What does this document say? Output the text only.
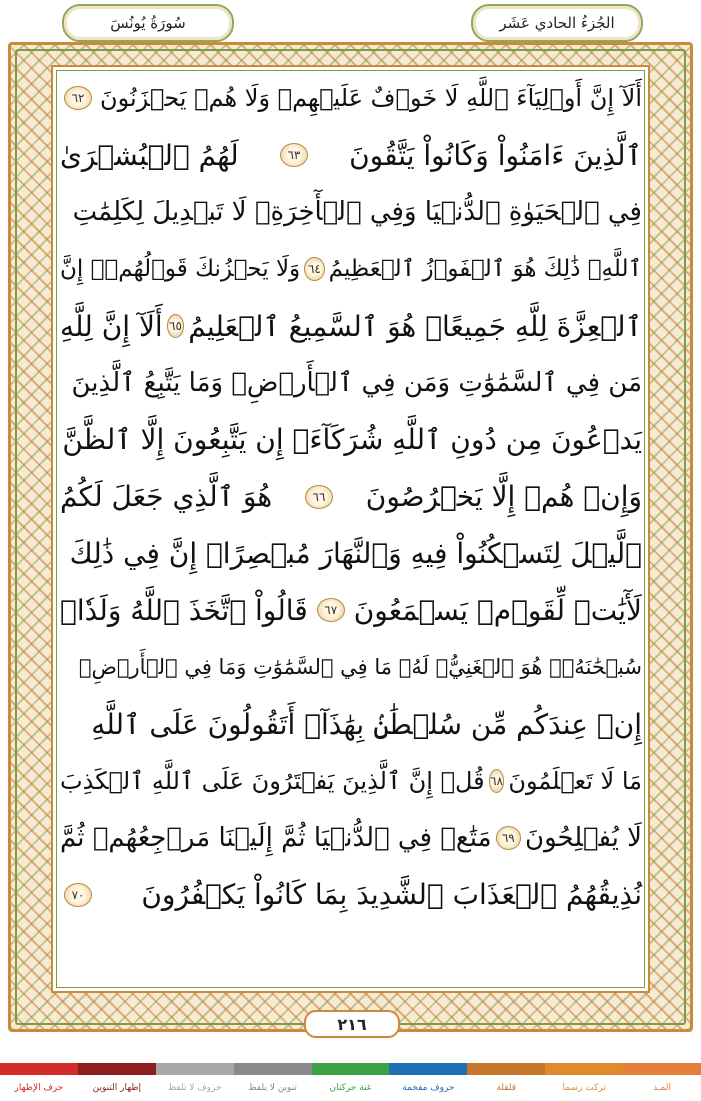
سُورَةُ يُونُسَ	الجُزءُ الحادي عَشَر
أَلَآ إِنَّ أَوۡلِيَآءَ ٱللَّهِ لَا خَوۡفٌ عَلَيۡهِمۡ وَلَا هُمۡ يَحۡزَنُونَ
٦٢
ٱلَّذِينَ ءَامَنُواْ وَكَانُواْ يَتَّقُونَ
٦٣
لَهُمُ ٱلۡبُشۡرَىٰ
فِي ٱلۡحَيَوٰةِ ٱلدُّنۡيَا وَفِي ٱلۡأٓخِرَةِۚ لَا تَبۡدِيلَ لِكَلِمَٰتِ
ٱللَّهِۚ ذَٰلِكَ هُوَ ٱلۡفَوۡزُ ٱلۡعَظِيمُ
٦٤
وَلَا يَحۡزُنكَ قَوۡلُهُمۡۘ إِنَّ
ٱلۡعِزَّةَ لِلَّهِ جَمِيعًاۚ هُوَ ٱلسَّمِيعُ ٱلۡعَلِيمُ
٦٥
أَلَآ إِنَّ لِلَّهِ
مَن فِي ٱلسَّمَٰوَٰتِ وَمَن فِي ٱلۡأَرۡضِۗ وَمَا يَتَّبِعُ ٱلَّذِينَ
يَدۡعُونَ مِن دُونِ ٱللَّهِ شُرَكَآءَۚ إِن يَتَّبِعُونَ إِلَّا ٱلظَّنَّ
وَإِنۡ هُمۡ إِلَّا يَخۡرُصُونَ
٦٦
هُوَ ٱلَّذِي جَعَلَ لَكُمُ
ٱلَّيۡلَ لِتَسۡكُنُواْ فِيهِ وَٱلنَّهَارَ مُبۡصِرًاۚ إِنَّ فِي ذَٰلِكَ
لَأٓيَٰتٖ لِّقَوۡمٖ يَسۡمَعُونَ
٦٧
قَالُواْ ٱتَّخَذَ ٱللَّهُ وَلَدٗاۗ
سُبۡحَٰنَهُۥۖ هُوَ ٱلۡغَنِيُّۖ لَهُۥ مَا فِي ٱلسَّمَٰوَٰتِ وَمَا فِي ٱلۡأَرۡضِۚ
إِنۡ عِندَكُم مِّن سُلۡطَٰنِۢ بِهَٰذَآۚ أَتَقُولُونَ عَلَى ٱللَّهِ
مَا لَا تَعۡلَمُونَ
٦٨
قُلۡ إِنَّ ٱلَّذِينَ يَفۡتَرُونَ عَلَى ٱللَّهِ ٱلۡكَذِبَ
لَا يُفۡلِحُونَ
٦٩
مَتَٰعٞ فِي ٱلدُّنۡيَا ثُمَّ إِلَيۡنَا مَرۡجِعُهُمۡ ثُمَّ
نُذِيقُهُمُ ٱلۡعَذَابَ ٱلشَّدِيدَ بِمَا كَانُواْ يَكۡفُرُونَ
٧٠
٢١٦
المـد
تركت رسما
قلقلة
حروف مفخمة
غنة حركتان
تنوين لا يلفظ
حروف لا تلفظ
إظهار التنوين
حرف الإظهار
